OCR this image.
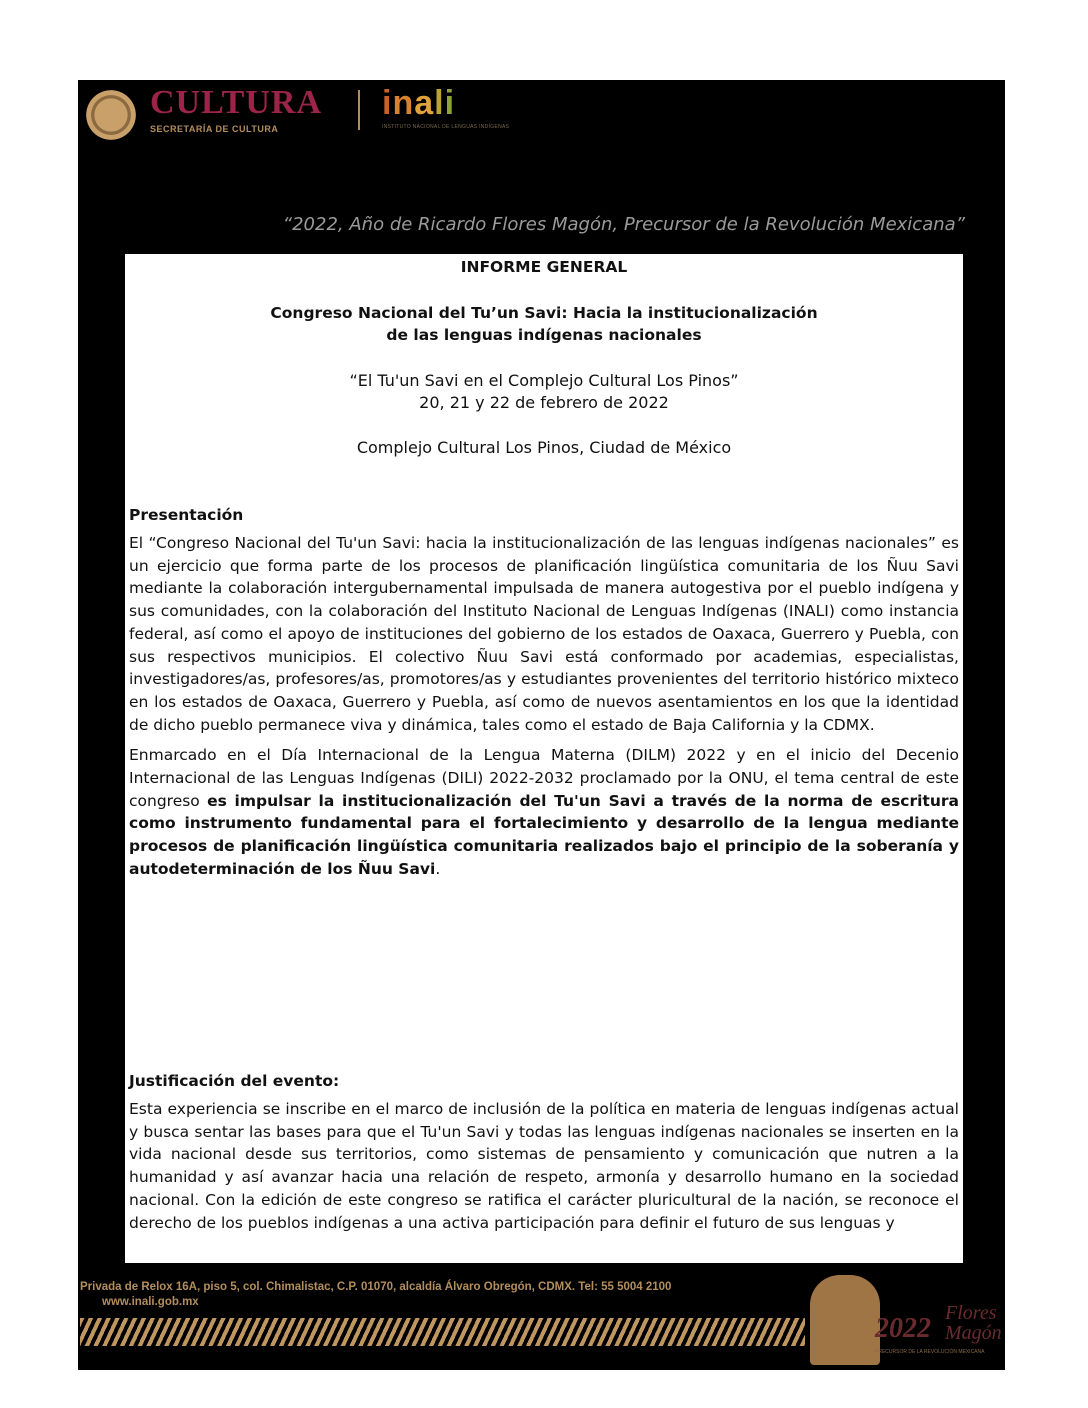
CULTURA
SECRETARÍA DE CULTURA
inali
INSTITUTO NACIONAL DE LENGUAS INDÍGENAS
“2022, Año de Ricardo Flores Magón, Precursor de la Revolución Mexicana”
INFORME GENERAL
Congreso Nacional del Tu’un Savi: Hacia la institucionalización
de las lenguas indígenas nacionales
“El Tu'un Savi en el Complejo Cultural Los Pinos”
20, 21 y 22 de febrero de 2022
Complejo Cultural Los Pinos, Ciudad de México
Presentación
El “Congreso Nacional del Tu'un Savi: hacia la institucionalización de las lenguas indígenas nacionales” es un ejercicio que forma parte de los procesos de planificación lingüística comunitaria de los Ñuu Savi mediante la colaboración intergubernamental impulsada de manera autogestiva por el pueblo indígena y sus comunidades, con la colaboración del Instituto Nacional de Lenguas Indígenas (INALI) como instancia federal, así como el apoyo de instituciones del gobierno de los estados de Oaxaca, Guerrero y Puebla, con sus respectivos municipios. El colectivo Ñuu Savi está conformado por academias, especialistas, investigadores/as, profesores/as, promotores/as y estudiantes provenientes del territorio histórico mixteco en los estados de Oaxaca, Guerrero y Puebla, así como de nuevos asentamientos en los que la identidad de dicho pueblo permanece viva y dinámica, tales como el estado de Baja California y la CDMX.
Enmarcado en el Día Internacional de la Lengua Materna (DILM) 2022 y en el inicio del Decenio Internacional de las Lenguas Indígenas (DILI) 2022-2032 proclamado por la ONU, el tema central de este congreso es impulsar la institucionalización del Tu'un Savi a través de la norma de escritura como instrumento fundamental para el fortalecimiento y desarrollo de la lengua mediante procesos de planificación lingüística comunitaria realizados bajo el principio de la soberanía y autodeterminación de los Ñuu Savi.
Justificación del evento:
Esta experiencia se inscribe en el marco de inclusión de la política en materia de lenguas indígenas actual y busca sentar las bases para que el Tu'un Savi y todas las lenguas indígenas nacionales se inserten en la vida nacional desde sus territorios, como sistemas de pensamiento y comunicación que nutren a la humanidad y así avanzar hacia una relación de respeto, armonía y desarrollo humano en la sociedad nacional. Con la edición de este congreso se ratifica el carácter pluricultural de la nación, se reconoce el derecho de los pueblos indígenas a una activa participación para definir el futuro de sus lenguas y
Privada de Relox 16A, piso 5, col. Chimalistac, C.P. 01070, alcaldía Álvaro Obregón, CDMX. Tel: 55 5004 2100 www.inali.gob.mx
2022 Flores
Magón
PRECURSOR DE LA REVOLUCIÓN MEXICANA
